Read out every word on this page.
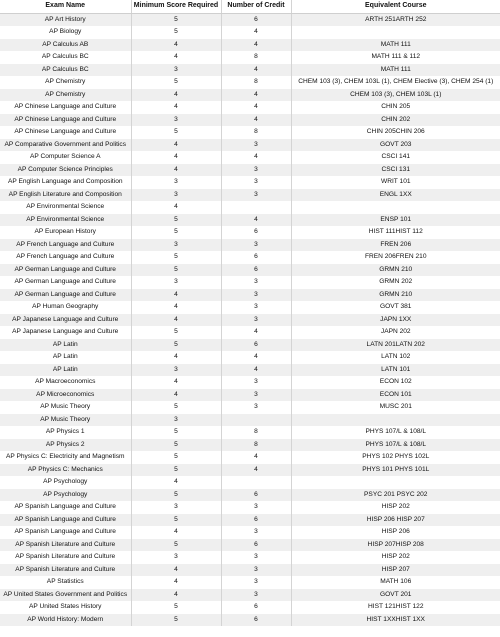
Exam Name	Minimum Score Required	Number of Credit	Equivalent Course
AP Art History	5	6	ARTH 251ARTH 252
AP Biology	5	4	
AP Calculus AB	4	4	MATH 111
AP Calculus BC	4	8	MATH 111 & 112
AP Calculus BC	3	4	MATH 111
AP Chemistry	5	8	CHEM 103 (3), CHEM 103L (1), CHEM Elective (3), CHEM 254 (1)
AP Chemistry	4	4	CHEM 103 (3), CHEM 103L (1)
AP Chinese Language and Culture	4	4	CHIN 205
AP Chinese Language and Culture	3	4	CHIN 202
AP Chinese Language and Culture	5	8	CHIN 205CHIN 206
AP Comparative Government and Politics	4	3	GOVT 203
AP Computer Science A	4	4	CSCI 141
AP Computer Science Principles	4	3	CSCI 131
AP English Language and Composition	3	3	WRIT 101
AP English Literature and Composition	3	3	ENGL 1XX
AP Environmental Science	4		
AP Environmental Science	5	4	ENSP 101
AP European History	5	6	HIST 111HIST 112
AP French Language and Culture	3	3	FREN 206
AP French Language and Culture	5	6	FREN 206FREN 210
AP German Language and Culture	5	6	GRMN 210
AP German Language and Culture	3	3	GRMN 202
AP German Language and Culture	4	3	GRMN 210
AP Human Geography	4	3	GOVT 381
AP Japanese Language and Culture	4	3	JAPN 1XX
AP Japanese Language and Culture	5	4	JAPN 202
AP Latin	5	6	LATN 201LATN 202
AP Latin	4	4	LATN 102
AP Latin	3	4	LATN 101
AP Macroeconomics	4	3	ECON 102
AP Microeconomics	4	3	ECON 101
AP Music Theory	5	3	MUSC 201
AP Music Theory	3		
AP Physics 1	5	8	PHYS 107/L & 108/L
AP Physics 2	5	8	PHYS 107/L & 108/L
AP Physics C: Electricity and Magnetism	5	4	PHYS 102 PHYS 102L
AP Physics C: Mechanics	5	4	PHYS 101 PHYS 101L
AP Psychology	4		
AP Psychology	5	6	PSYC 201 PSYC 202
AP Spanish Language and Culture	3	3	HISP 202
AP Spanish Language and Culture	5	6	HISP 206 HISP 207
AP Spanish Language and Culture	4	3	HISP 206
AP Spanish Literature and Culture	5	6	HISP 207HISP 208
AP Spanish Literature and Culture	3	3	HISP 202
AP Spanish Literature and Culture	4	3	HISP 207
AP Statistics	4	3	MATH 106
AP United States Government and Politics	4	3	GOVT 201
AP United States History	5	6	HIST 121HIST 122
AP World History: Modern	5	6	HIST 1XXHIST 1XX
